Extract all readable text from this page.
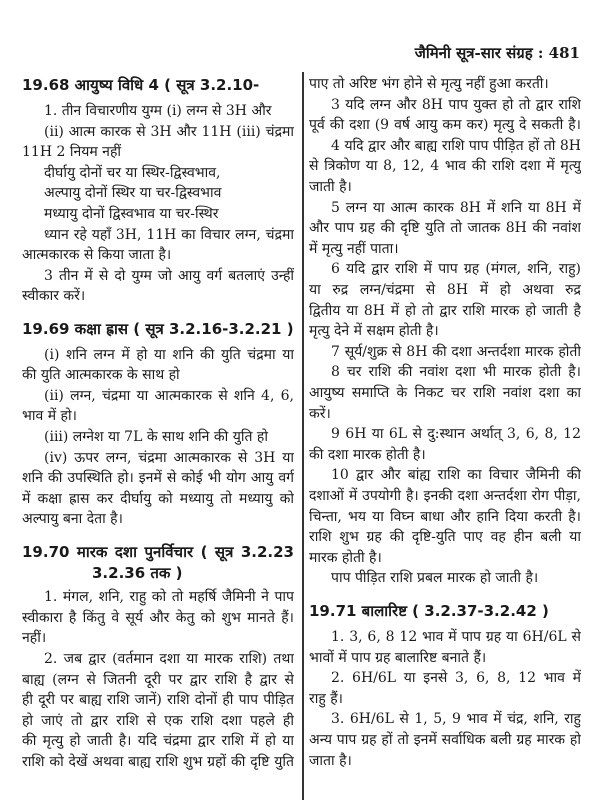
जैमिनी सूत्र-सार संग्रह : 481
19.68 आयुष्य विधि 4 ( सूत्र 3.2.10-
1. तीन विचारणीय युग्म (i) लग्न से 3H और
(ii) आत्म कारक से 3H और 11H (iii) चंद्रमा
11H 2 नियम नहीं
दीर्घायु दोनों चर या स्थिर-द्विस्वभाव,
अल्पायु दोनों स्थिर या चर-द्विस्वभाव
मध्यायु दोनों द्विस्वभाव या चर-स्थिर
ध्यान रहे यहाँ 3H, 11H का विचार लग्न, चंद्रमा
आत्मकारक से किया जाता है।
3 तीन में से दो युग्म जो आयु वर्ग बतलाएं उन्हीं
स्वीकार करें।
19.69 कक्षा ह्रास ( सूत्र 3.2.16-3.2.21 )
(i) शनि लग्न में हो या शनि की युति चंद्रमा या
की युति आत्मकारक के साथ हो
(ii) लग्न, चंद्रमा या आत्मकारक से शनि 4, 6,
भाव में हो।
(iii) लग्नेश या 7L के साथ शनि की युति हो
(iv) ऊपर लग्न, चंद्रमा आत्मकारक से 3H या
शनि की उपस्थिति हो। इनमें से कोई भी योग आयु वर्ग
में कक्षा ह्रास कर दीर्घायु को मध्यायु तो मध्यायु को
अल्पायु बना देता है।
19.70 मारक दशा पुनर्विचार ( सूत्र 3.2.23
3.2.36 तक )
1. मंगल, शनि, राहु को तो महर्षि जैमिनी ने पाप
स्वीकारा है किंतु वे सूर्य और केतु को शुभ मानते हैं।
नहीं।
2. जब द्वार (वर्तमान दशा या मारक राशि) तथा
बाह्य (लग्न से जितनी दूरी पर द्वार राशि है द्वार से
ही दूरी पर बाह्य राशि जानें) राशि दोनों ही पाप पीड़ित
हो जाएं तो द्वार राशि से एक राशि दशा पहले ही
की मृत्यु हो जाती है। यदि चंद्रमा द्वार राशि में हो या
राशि को देखें अथवा बाह्य राशि शुभ ग्रहों की दृष्टि युति
पाए तो अरिष्ट भंग होने से मृत्यु नहीं हुआ करती।
3 यदि लग्न और 8H पाप युक्त हो तो द्वार राशि
पूर्व की दशा (9 वर्ष आयु कम कर) मृत्यु दे सकती है।
4 यदि द्वार और बाह्य राशि पाप पीड़ित हों तो 8H
से त्रिकोण या 8, 12, 4 भाव की राशि दशा में मृत्यु
जाती है।
5 लग्न या आत्म कारक 8H में शनि या 8H में
और पाप ग्रह की दृष्टि युति तो जातक 8H की नवांश
में मृत्यु नहीं पाता।
6 यदि द्वार राशि में पाप ग्रह (मंगल, शनि, राहु)
या रुद्र लग्न/चंद्रमा से 8H में हो अथवा रुद्र
द्वितीय या 8H में हो तो द्वार राशि मारक हो जाती है
मृत्यु देने में सक्षम होती है।
7 सूर्य/शुक्र से 8H की दशा अन्तर्दशा मारक होती
8 चर राशि की नवांश दशा भी मारक होती है।
आयुष्य समाप्ति के निकट चर राशि नवांश दशा का
करें।
9 6H या 6L से दु:स्थान अर्थात् 3, 6, 8, 12
की दशा मारक होती है।
10 द्वार और बांह्य राशि का विचार जैमिनी की
दशाओं में उपयोगी है। इनकी दशा अन्तर्दशा रोग पीड़ा,
चिन्ता, भय या विघ्न बाधा और हानि दिया करती है।
राशि शुभ ग्रह की दृष्टि-युति पाए वह हीन बली या
मारक होती है।
पाप पीड़ित राशि प्रबल मारक हो जाती है।
19.71 बालारिष्ट ( 3.2.37-3.2.42 )
1. 3, 6, 8 12 भाव में पाप ग्रह या 6H/6L से
भावों में पाप ग्रह बालारिष्ट बनाते हैं।
2. 6H/6L या इनसे 3, 6, 8, 12 भाव में
राहु हैं।
3. 6H/6L से 1, 5, 9 भाव में चंद्र, शनि, राहु
अन्य पाप ग्रह हों तो इनमें सर्वाधिक बली ग्रह मारक हो
जाता है।
